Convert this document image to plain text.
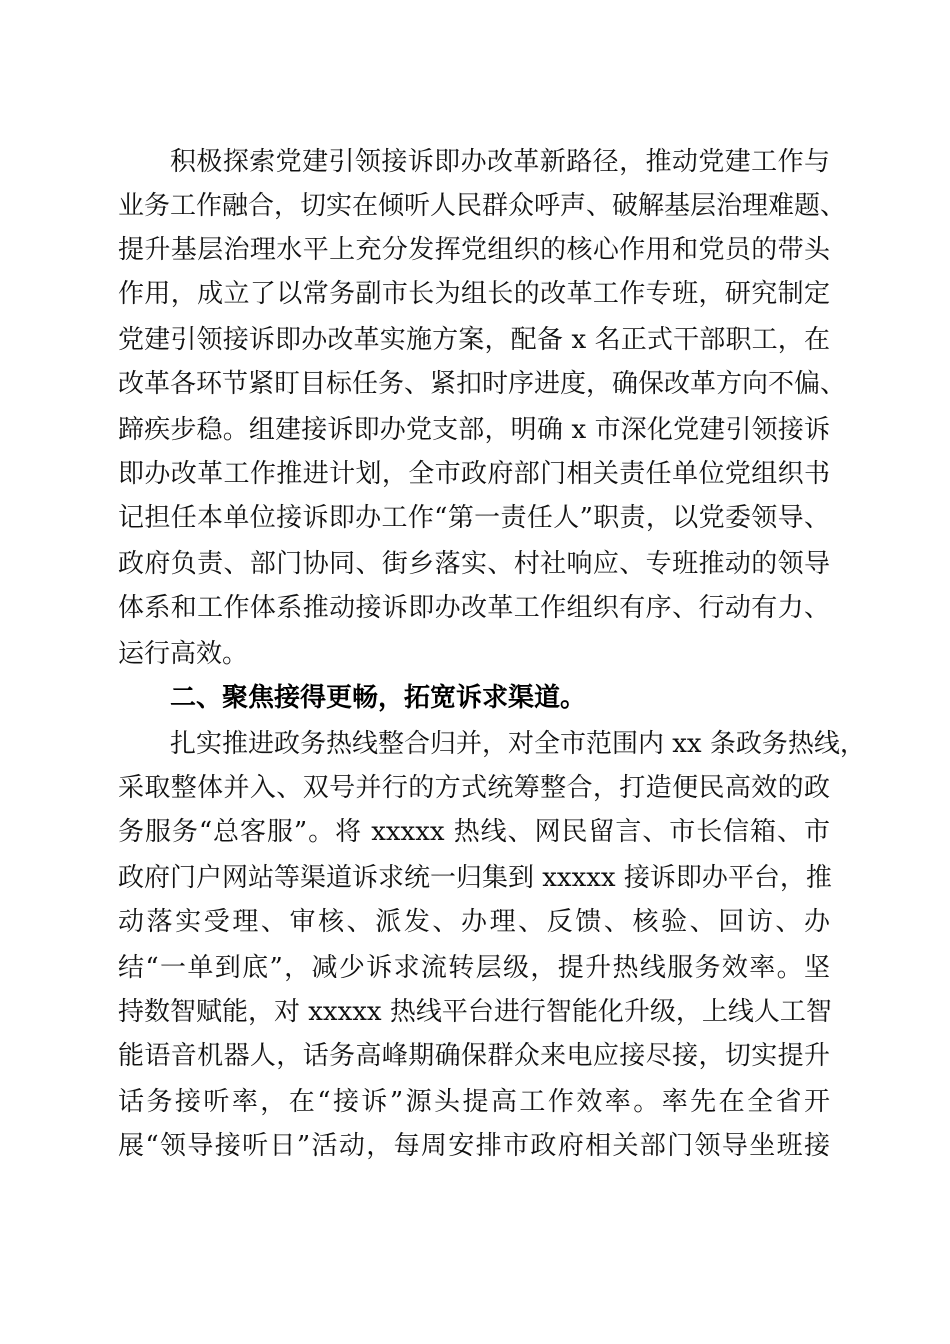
积极探索党建引领接诉即办改革新路径，推动党建工作与
业务工作融合，切实在倾听人民群众呼声、破解基层治理难题、
提升基层治理水平上充分发挥党组织的核心作用和党员的带头
作用，成立了以常务副市长为组长的改革工作专班，研究制定
党建引领接诉即办改革实施方案，配备 x 名正式干部职工，在
改革各环节紧盯目标任务、紧扣时序进度，确保改革方向不偏、
蹄疾步稳。组建接诉即办党支部，明确 x 市深化党建引领接诉
即办改革工作推进计划，全市政府部门相关责任单位党组织书
记担任本单位接诉即办工作“第一责任人”职责，以党委领导、
政府负责、部门协同、街乡落实、村社响应、专班推动的领导
体系和工作体系推动接诉即办改革工作组织有序、行动有力、
运行高效。
二、聚焦接得更畅，拓宽诉求渠道。
扎实推进政务热线整合归并，对全市范围内 xx 条政务热线，
采取整体并入、双号并行的方式统筹整合，打造便民高效的政
务服务“总客服”。将 xxxxx 热线、网民留言、市长信箱、市
政府门户网站等渠道诉求统一归集到 xxxxx 接诉即办平台，推
动落实受理、审核、派发、办理、反馈、核验、回访、办
结“一单到底”，减少诉求流转层级，提升热线服务效率。坚
持数智赋能，对 xxxxx 热线平台进行智能化升级，上线人工智
能语音机器人，话务高峰期确保群众来电应接尽接，切实提升
话务接听率，在“接诉”源头提高工作效率。率先在全省开
展“领导接听日”活动，每周安排市政府相关部门领导坐班接
